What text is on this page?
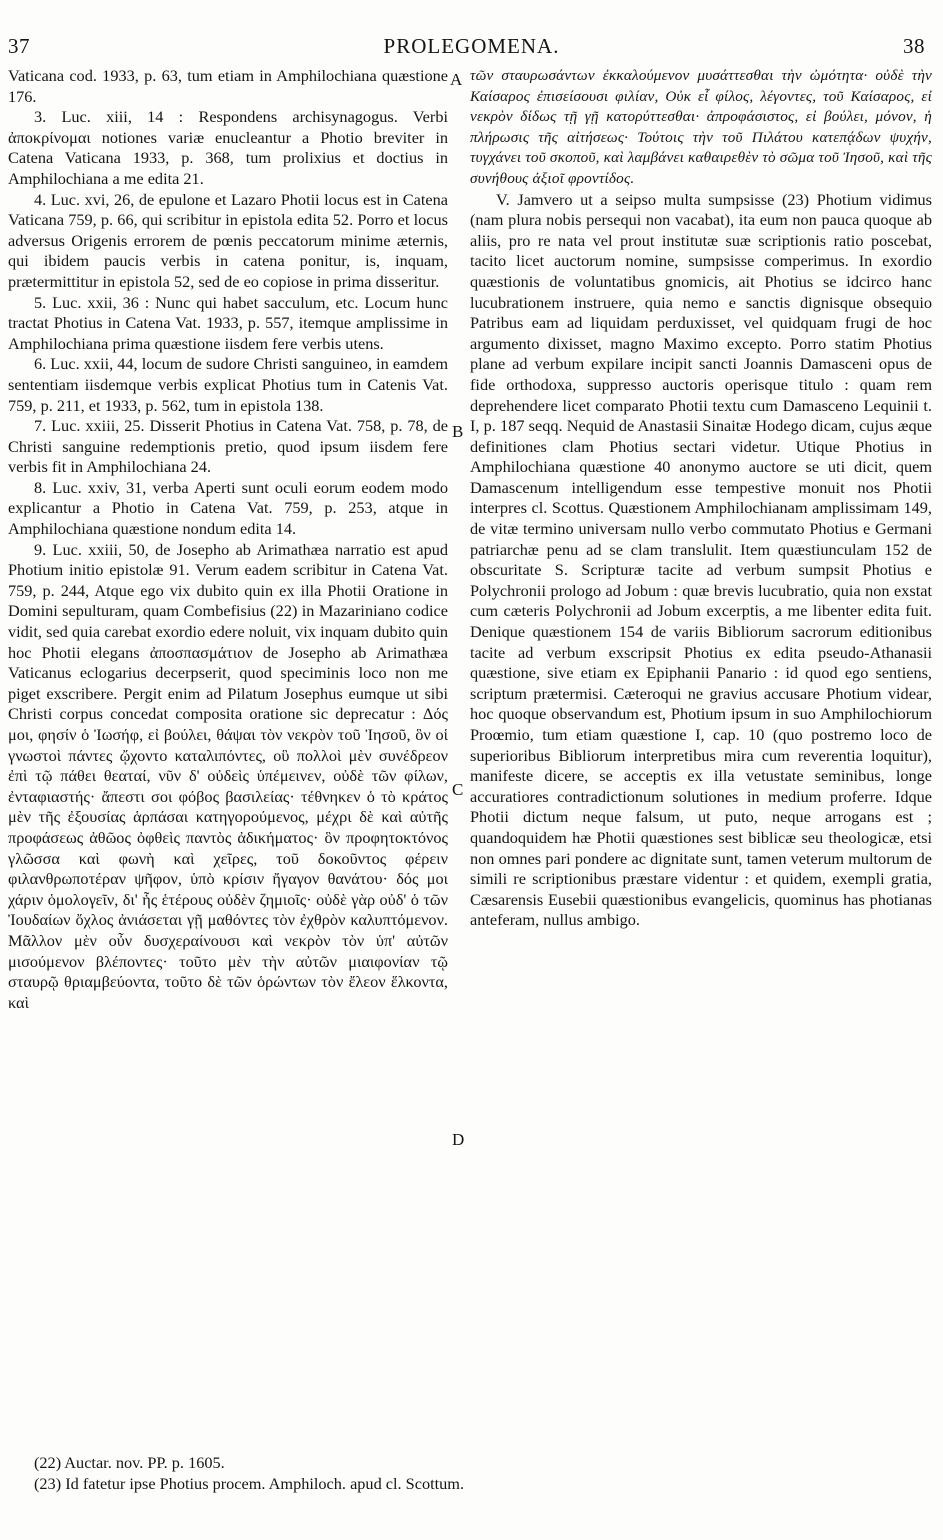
37	PROLEGOMENA.	38

Vaticana cod. 1933, p. 63, tum etiam in Amphilochiana quæstione 176.

3. Luc. xiii, 14 : Respondens archisynagogus. Verbi ἀποκρίνομαι notiones variæ enucleantur a Photio breviter in Catena Vaticana 1933, p. 368, tum prolixius et doctius in Amphilochiana a me edita 21.

4. Luc. xvi, 26, de epulone et Lazaro Photii locus est in Catena Vaticana 759, p. 66, qui scribitur in epistola edita 52. Porro et locus adversus Origenis errorem de pœnis peccatorum minime æternis, qui ibidem paucis verbis in catena ponitur, is, inquam, prætermittitur in epistola 52, sed de eo copiose in prima disseritur.

5. Luc. xxii, 36 : Nunc qui habet sacculum, etc. Locum hunc tractat Photius in Catena Vat. 1933, p. 557, itemque amplissime in Amphilochiana prima quæstione iisdem fere verbis utens.

6. Luc. xxii, 44, locum de sudore Christi sanguineo, in eamdem sententiam iisdemque verbis explicat Photius tum in Catenis Vat. 759, p. 211, et 1933, p. 562, tum in epistola 138.

7. Luc. xxiii, 25. Disserit Photius in Catena Vat. 758, p. 78, de Christi sanguine redemptionis pretio, quod ipsum iisdem fere verbis fit in Amphilochiana 24.

8. Luc. xxiv, 31, verba Aperti sunt oculi eorum eodem modo explicantur a Photio in Catena Vat. 759, p. 253, atque in Amphilochiana quæstione nondum edita 14.

9. Luc. xxiii, 50, de Josepho ab Arimathæa narratio est apud Photium initio epistolæ 91. Verum eadem scribitur in Catena Vat. 759, p. 244, Atque ego vix dubito quin ex illa Photii Oratione in Domini sepulturam, quam Combefisius (22) in Mazariniano codice vidit, sed quia carebat exordio edere noluit, vix inquam dubito quin hoc Photii elegans ἀποσπασμάτιον de Josepho ab Arimathæa Vaticanus eclogarius decerpserit, quod speciminis loco non me piget exscribere. Pergit enim ad Pilatum Josephus eumque ut sibi Christi corpus concedat composita oratione sic deprecatur : Δός μοι, φησίν ὁ Ἰωσήφ, εἰ βούλει, θάψαι τὸν νεκρὸν τοῦ Ἰησοῦ, ὃν οἱ γνωστοὶ πάντες ᾤχοντο καταλιπόντες, οὓ πολλοὶ μὲν συνέδρεον ἐπὶ τῷ πάθει θεαταί, νῦν δ' οὐδεὶς ὑπέμεινεν, οὐδὲ τῶν φίλων, ἐνταφιαστής· ἄπεστι σοι φόβος βασιλείας· τέθνηκεν ὁ τὸ κράτος μὲν τῆς ἐξουσίας ἁρπάσαι κατηγορούμενος, μέχρι δὲ καὶ αὐτῆς προφάσεως ἀθῶος ὀφθεὶς παντὸς ἀδικήματος· ὃν προφητοκτόνος γλῶσσα καὶ φωνὴ καὶ χεῖρες, τοῦ δοκοῦντος φέρειν φιλανθρωποτέραν ψῆφον, ὑπὸ κρίσιν ἤγαγον θανάτου· δός μοι χάριν ὁμολογεῖν, δι' ἧς ἑτέρους οὐδὲν ζημιοῖς· οὐδὲ γὰρ οὐδ' ὁ τῶν Ἰουδαίων ὄχλος ἀνιάσεται γῇ μαθόντες τὸν ἐχθρὸν καλυπτόμενον. Μᾶλλον μὲν οὖν δυσχεραίνουσι καὶ νεκρὸν τὸν ὑπ' αὐτῶν μισούμενον βλέποντες· τοῦτο μὲν τὴν αὐτῶν μιαιφονίαν τῷ σταυρῷ θριαμβεύοντα, τοῦτο δὲ τῶν ὁρώντων τὸν ἔλεον ἕλκοντα, καὶ

A
B
C
D

τῶν σταυρωσάντων ἐκκαλούμενον μυσάττεσθαι τὴν ὠμότητα· οὐδὲ τὴν Καίσαρος ἐπισείσουσι φιλίαν, Οὐκ εἶ φίλος, λέγοντες, τοῦ Καίσαρος, εἰ νεκρὸν δίδως τῇ γῇ κατορύττεσθαι· ἀπροφάσιστος, εἰ βούλει, μόνον, ἡ πλήρωσις τῆς αἰτήσεως· Τούτοις τὴν τοῦ Πιλάτου κατεπᾴδων ψυχήν, τυγχάνει τοῦ σκοποῦ, καὶ λαμβάνει καθαιρεθὲν τὸ σῶμα τοῦ Ἰησοῦ, καὶ τῆς συνήθους ἀξιοῖ φροντίδος.

V. Jamvero ut a seipso multa sumpsisse (23) Photium vidimus (nam plura nobis persequi non vacabat), ita eum non pauca quoque ab aliis, pro re nata vel prout institutæ suæ scriptionis ratio poscebat, tacito licet auctorum nomine, sumpsisse comperimus. In exordio quæstionis de voluntatibus gnomicis, ait Photius se idcirco hanc lucubrationem instruere, quia nemo e sanctis dignisque obsequio Patribus eam ad liquidam perduxisset, vel quidquam frugi de hoc argumento dixisset, magno Maximo excepto. Porro statim Photius plane ad verbum expilare incipit sancti Joannis Damasceni opus de fide orthodoxa, suppresso auctoris operisque titulo : quam rem deprehendere licet comparato Photii textu cum Damasceno Lequinii t. I, p. 187 seqq. Nequid de Anastasii Sinaitæ Hodego dicam, cujus æque definitiones clam Photius sectari videtur. Utique Photius in Amphilochiana quæstione 40 anonymo auctore se uti dicit, quem Damascenum intelligendum esse tempestive monuit nos Photii interpres cl. Scottus. Quæstionem Amphilochianam amplissimam 149, de vitæ termino universam nullo verbo commutato Photius e Germani patriarchæ penu ad se clam translulit. Item quæstiunculam 152 de obscuritate S. Scripturæ tacite ad verbum sumpsit Photius e Polychronii prologo ad Jobum : quæ brevis lucubratio, quia non exstat cum cæteris Polychronii ad Jobum excerptis, a me libenter edita fuit. Denique quæstionem 154 de variis Bibliorum sacrorum editionibus tacite ad verbum exscripsit Photius ex edita pseudo-Athanasii quæstione, sive etiam ex Epiphanii Panario : id quod ego sentiens, scriptum prætermisi. Cæteroqui ne gravius accusare Photium videar, hoc quoque observandum est, Photium ipsum in suo Amphilochiorum Proœmio, tum etiam quæstione I, cap. 10 (quo postremo loco de superioribus Bibliorum interpretibus mira cum reverentia loquitur), manifeste dicere, se acceptis ex illa vetustate seminibus, longe accuratiores contradictionum solutiones in medium proferre. Idque Photii dictum neque falsum, ut puto, neque arrogans est ; quandoquidem hæ Photii quæstiones sest biblicæ seu theologicæ, etsi non omnes pari pondere ac dignitate sunt, tamen veterum multorum de simili re scriptionibus præstare videntur : et quidem, exempli gratia, Cæsarensis Eusebii quæstionibus evangelicis, quominus has photianas anteferam, nullus ambigo.

(22) Auctar. nov. PP. p. 1605.

(23) Id fatetur ipse Photius procem. Amphiloch. apud cl. Scottum.
